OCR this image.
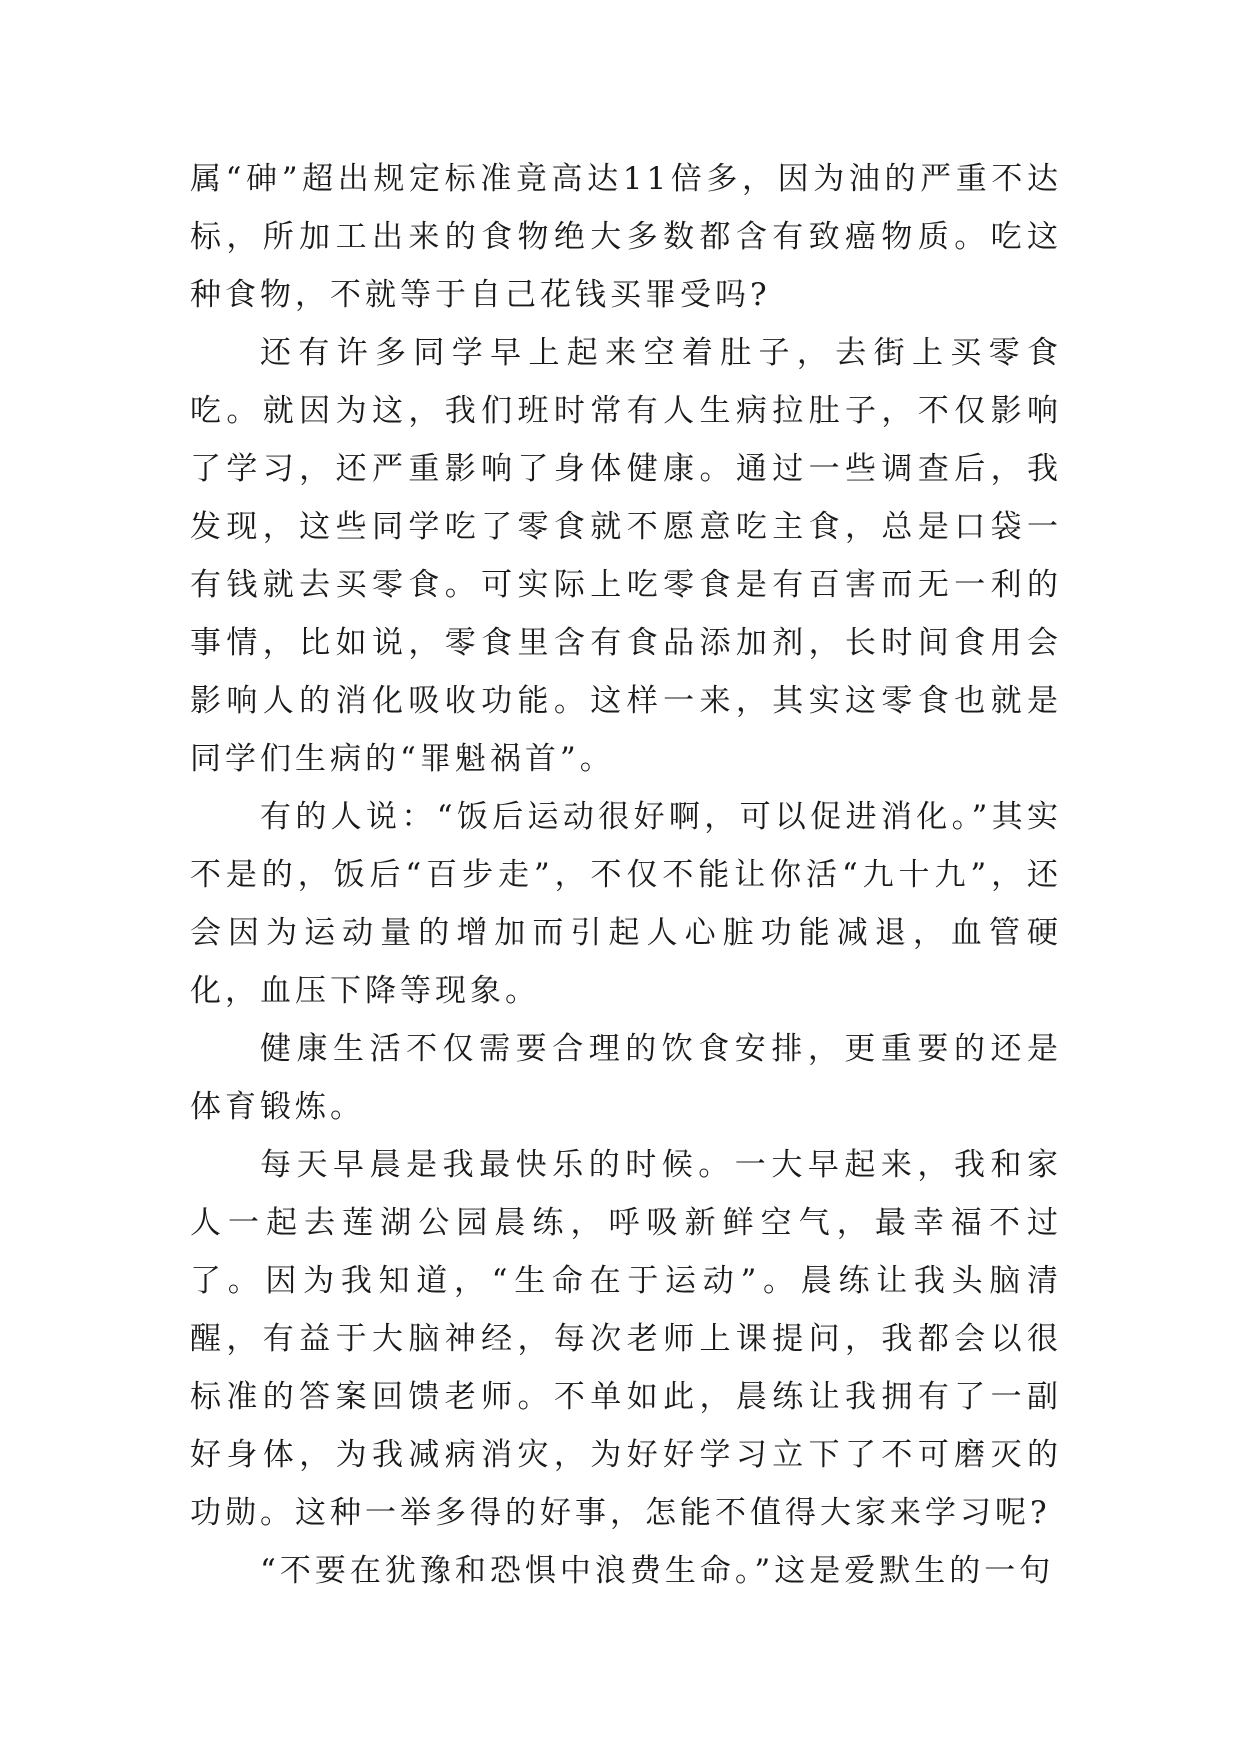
属“砷”超出规定标准竟高达11倍多，因为油的严重不达标，所加工出来的食物绝大多数都含有致癌物质。吃这种食物，不就等于自己花钱买罪受吗?

还有许多同学早上起来空着肚子，去街上买零食吃。就因为这，我们班时常有人生病拉肚子，不仅影响了学习，还严重影响了身体健康。通过一些调查后，我发现，这些同学吃了零食就不愿意吃主食，总是口袋一有钱就去买零食。可实际上吃零食是有百害而无一利的事情，比如说，零食里含有食品添加剂，长时间食用会影响人的消化吸收功能。这样一来，其实这零食也就是同学们生病的“罪魁祸首”。

有的人说：“饭后运动很好啊，可以促进消化。”其实不是的，饭后“百步走”，不仅不能让你活“九十九”，还会因为运动量的增加而引起人心脏功能减退，血管硬化，血压下降等现象。

健康生活不仅需要合理的饮食安排，更重要的还是体育锻炼。

每天早晨是我最快乐的时候。一大早起来，我和家人一起去莲湖公园晨练，呼吸新鲜空气，最幸福不过了。因为我知道，“生命在于运动”。晨练让我头脑清醒，有益于大脑神经，每次老师上课提问，我都会以很标准的答案回馈老师。不单如此，晨练让我拥有了一副好身体，为我减病消灾，为好好学习立下了不可磨灭的功勋。这种一举多得的好事，怎能不值得大家来学习呢?

“不要在犹豫和恐惧中浪费生命。”这是爱默生的一句
